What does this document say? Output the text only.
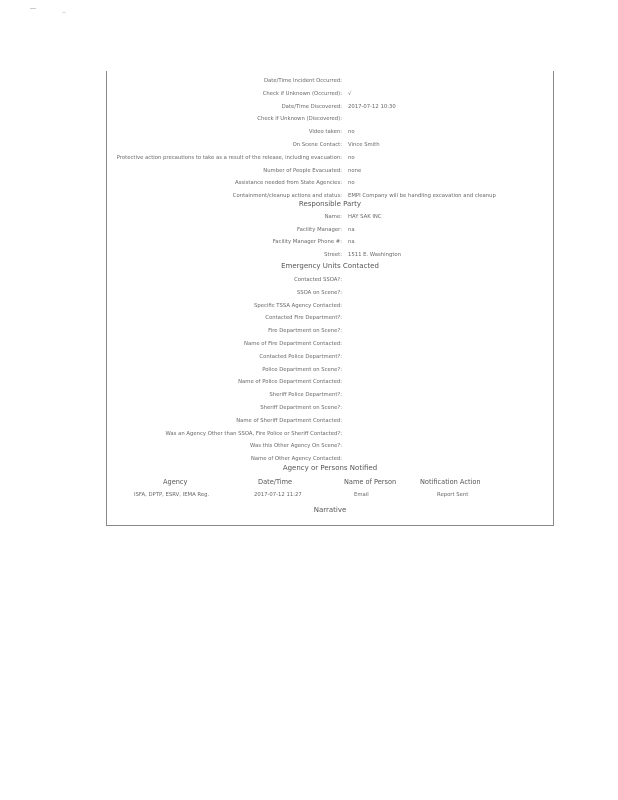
Date/Time Incident Occurred:
Check if Unknown (Occurred): √
Date/Time Discovered: 2017-07-12 10:30
Check if Unknown (Discovered):
Video taken: no
On Scene Contact: Vince Smith
Protective action precautions to take as a result of the release, including evacuation: no
Number of People Evacuated: none
Assistance needed from State Agencies: no
Containment/cleanup actions and status: EMPI Company will be handling excavation and cleanup
Responsible Party
Name: HAY SAK INC
Facility Manager: na
Facility Manager Phone #: na
Street: 1511 E. Washington
Emergency Units Contacted
Contacted SSOA?:
SSOA on Scene?:
Specific TSSA Agency Contacted:
Contacted Fire Department?:
Fire Department on Scene?:
Name of Fire Department Contacted:
Contacted Police Department?:
Police Department on Scene?:
Name of Police Department Contacted:
Sheriff Police Department?:
Sheriff Department on Scene?:
Name of Sheriff Department Contacted:
Was an Agency Other than SSOA, Fire Police or Sheriff Contacted?:
Was this Other Agency On Scene?:
Name of Other Agency Contacted:
Agency or Persons Notified
Agency	Date/Time	Name of Person	Notification Action
ISFA, DPTP, ESRV, IEMA Reg.	2017-07-12 11:27	Email	Report Sent
Narrative
